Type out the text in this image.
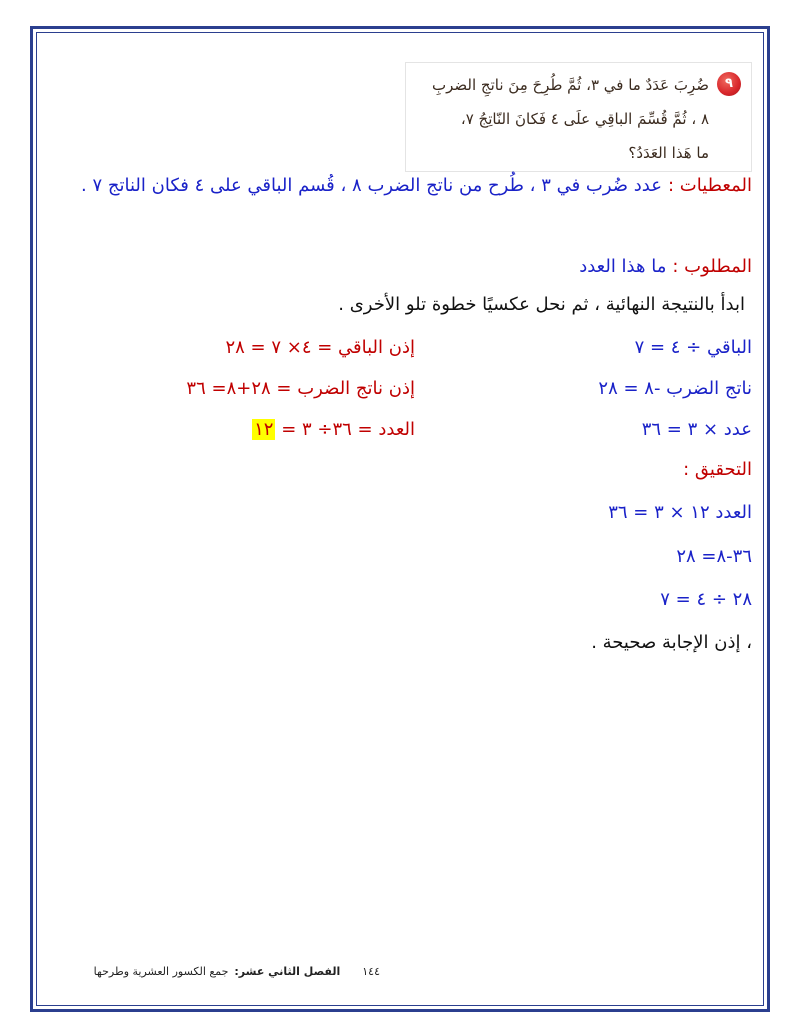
٩
ضُرِبَ عَدَدٌ ما في ٣، ثُمَّ طُرِحَ مِنَ ناتجِ الضربِ
٨ ، ثُمَّ قُسِّمَ الباقِي علَى ٤ فَكانَ النّاتِجُ ٧،
ما هَذا العَدَدُ؟
المعطيات :عدد ضُرب في ٣ ، طُرح من ناتج الضرب ٨ ، قُسم الباقي على ٤ فكان الناتج ٧ .
المطلوب :ما هذا العدد
ابدأ بالنتيجة النهائية ، ثم نحل عكسيًا خطوة تلو الأخرى .
الباقي ÷ ٤ = ٧
إذن الباقي = ٤× ٧ = ٢٨
ناتج الضرب -٨ = ٢٨
إذن ناتج الضرب = ٢٨+٨= ٣٦
عدد × ٣ = ٣٦
العدد = ٣٦÷ ٣ = ١٢
التحقيق :
العدد ١٢ × ٣ = ٣٦
٣٦-٨= ٢٨
٢٨ ÷ ٤ = ٧
، إذن الإجابة صحيحة .
١٤٤الفصل الثاني عشر:جمع الكسور العشرية وطرحها
